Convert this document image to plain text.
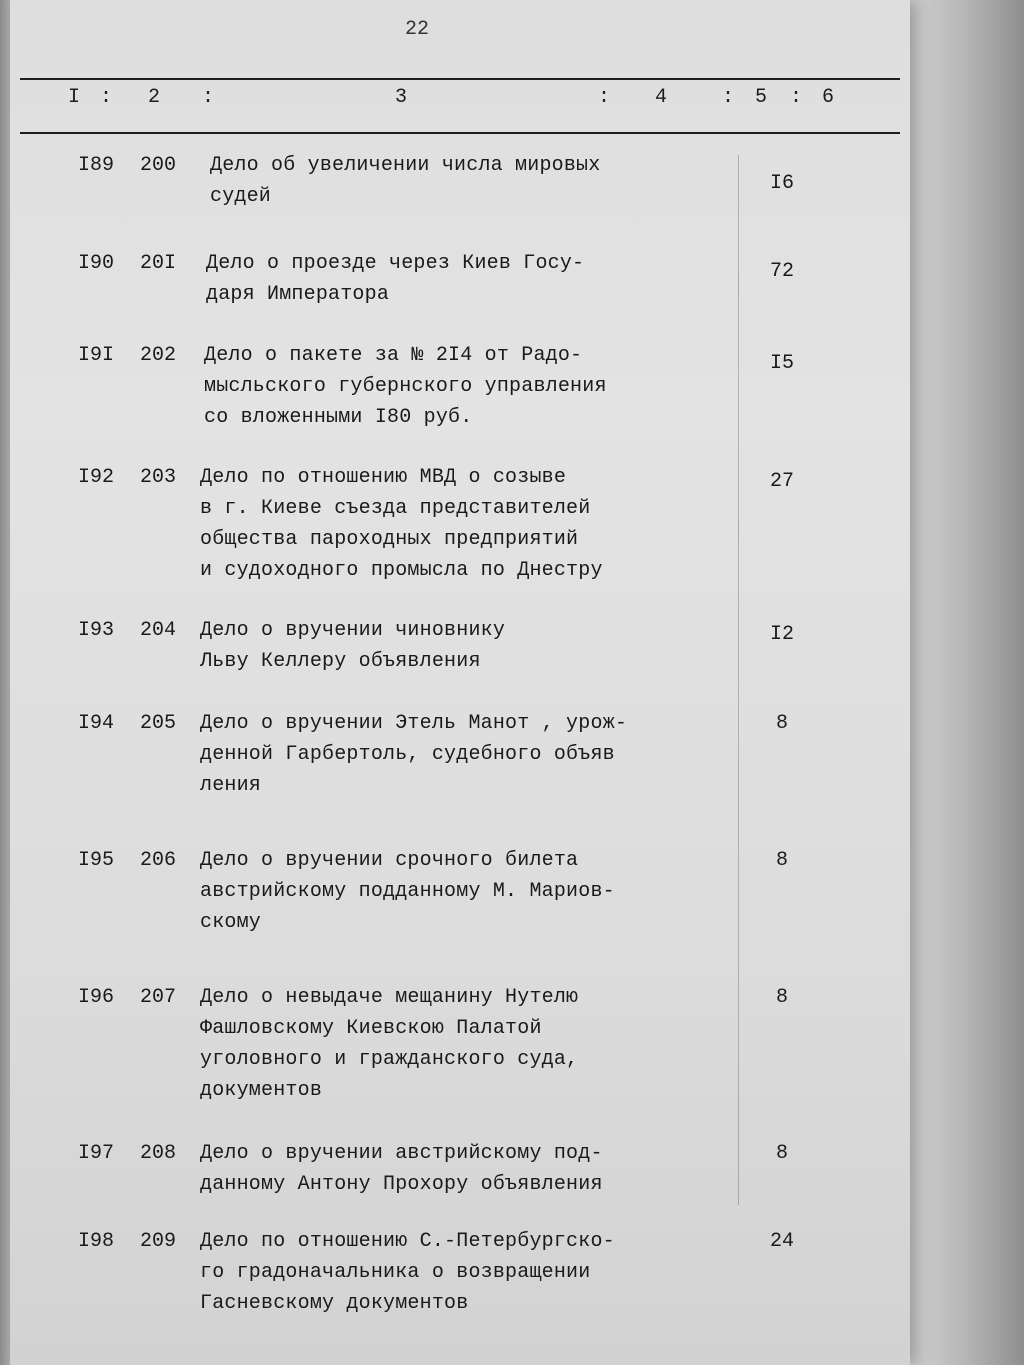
22
I : 2 :	3	: 4	: 5 : 6
I89 200 Дело об увеличении числа мировых
судей
I6
I90 20I Дело о проезде через Киев Госу-
даря Императора
72
I9I 202 Дело о пакете за № 2I4 от Радо-
мысльского губернского управления
со вложенными I80 руб.
I5
I92 203 Дело по отношению МВД о созыве
в г. Киеве съезда представителей
общества пароходных предприятий
и судоходного промысла по Днестру
27
I93 204 Дело о вручении чиновнику
Льву Келлеру объявления
I2
I94 205 Дело о вручении Этель Манот , урож-
денной Гарбертоль, судебного объяв
ления
8
I95 206 Дело о вручении срочного билета
австрийскому подданному М. Мариов-
скому
8
I96 207 Дело о невыдаче мещанину Нутелю
Фашловскому Киевскою Палатой
уголовного и гражданского суда,
документов
8
I97 208 Дело о вручении австрийскому под-
данному Антону Прохору объявления
8
I98 209 Дело по отношению С.-Петербургско-
го градоначальника о возвращении
Гасневскому документов
24
